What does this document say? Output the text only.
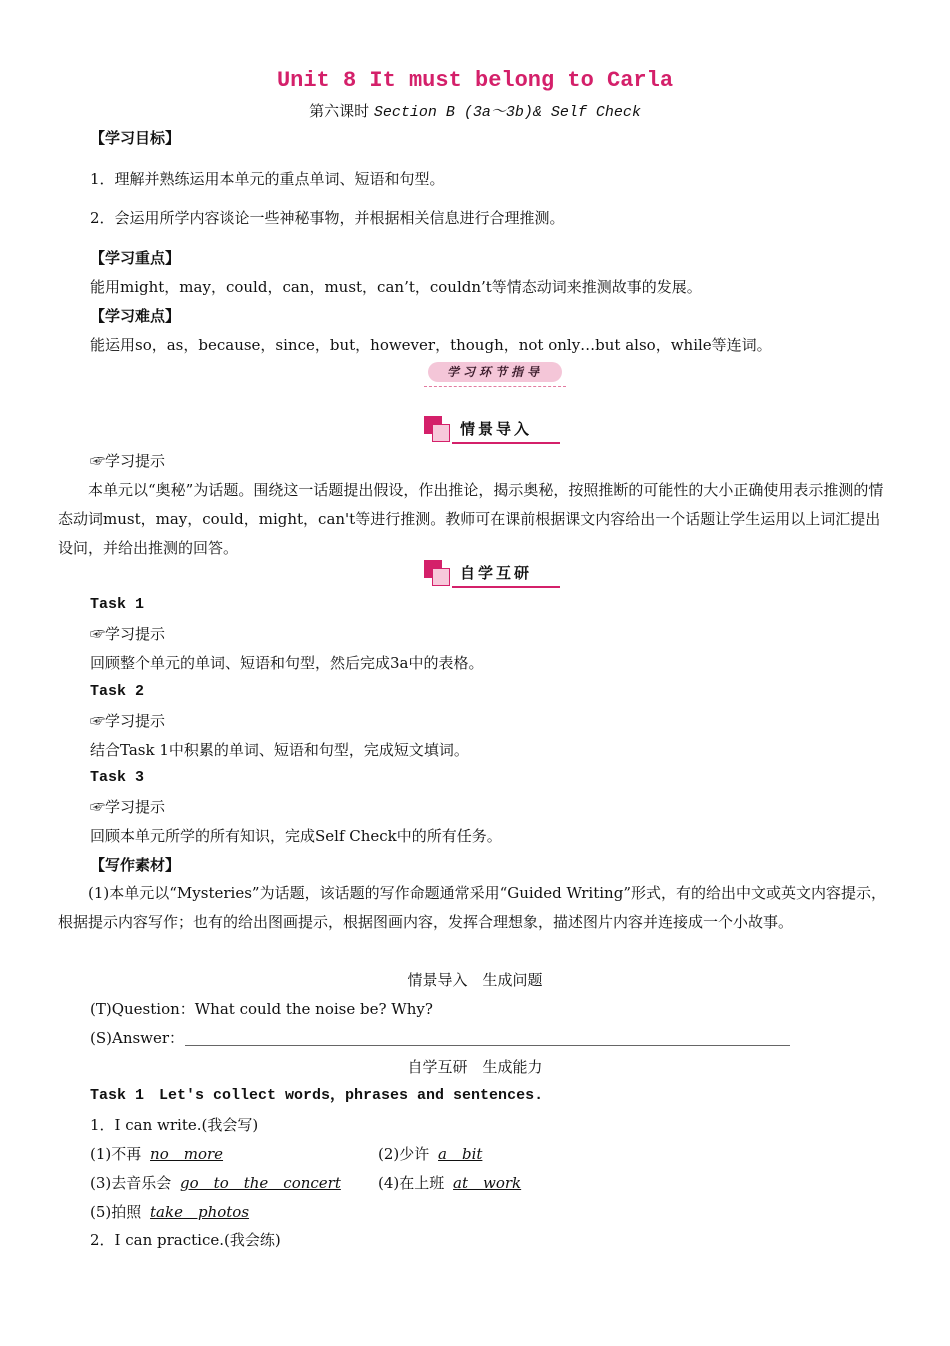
Unit 8 It must belong to Carla
第六课时 Section B (3a～3b)& Self Check
【学习目标】
1．理解并熟练运用本单元的重点单词、短语和句型。
2．会运用所学内容谈论一些神秘事物，并根据相关信息进行合理推测。
【学习重点】
能用might，may，could，can，must，can’t，couldn’t等情态动词来推测故事的发展。
【学习难点】
能运用so，as，because，since，but，however，though，not only…but also，while等连词。
学习环节指导
情景导入
☞学习提示
本单元以“奥秘”为话题。围绕这一话题提出假设，作出推论，揭示奥秘，按照推断的可能性的大小正确使用表示推测的情态动词must，may，could，might，can't等进行推测。教师可在课前根据课文内容给出一个话题让学生运用以上词汇提出设问，并给出推测的回答。
自学互研
Task 1
☞学习提示
回顾整个单元的单词、短语和句型，然后完成3a中的表格。
Task 2
☞学习提示
结合Task 1中积累的单词、短语和句型，完成短文填词。
Task 3
☞学习提示
回顾本单元所学的所有知识，完成Self Check中的所有任务。
【写作素材】
(1)本单元以“Mysteries”为话题，该话题的写作命题通常采用“Guided Writing”形式，有的给出中文或英文内容提示，根据提示内容写作；也有的给出图画提示，根据图画内容，发挥合理想象，描述图片内容并连接成一个小故事。
情景导入　生成问题
(T)Question：What could the noise be? Why?
(S)Answer：
自学互研　生成能力
Task 1　Let's collect words，phrases and sentences.
1．I can write.(我会写)
(1)不再 no　more	(2)少许 a　bit
(3)去音乐会 go　to　the　concert (4)在上班 at　work
(5)拍照 take　photos
2．I can practice.(我会练)
